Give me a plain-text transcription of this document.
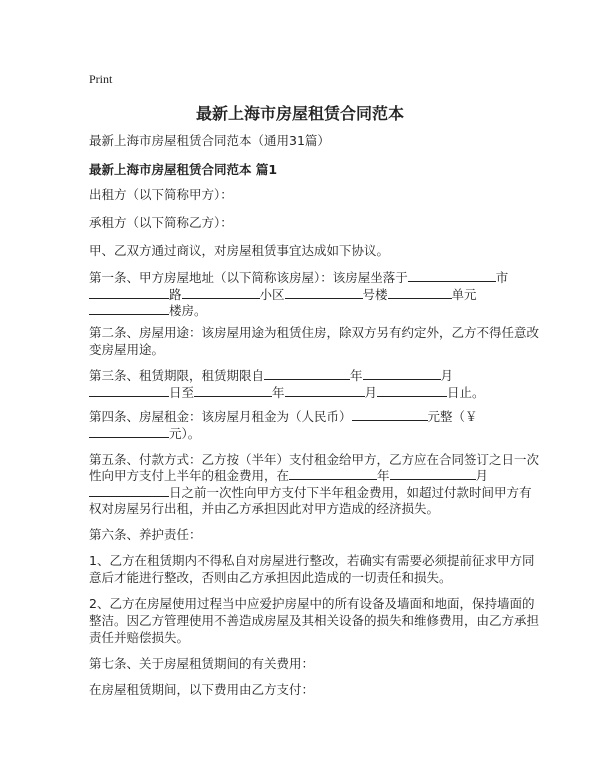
Print
最新上海市房屋租赁合同范本
最新上海市房屋租赁合同范本（通用31篇）
最新上海市房屋租赁合同范本 篇1
出租方（以下简称甲方）：
承租方（以下简称乙方）：
甲、乙双方通过商议，对房屋租赁事宜达成如下协议。
第一条、甲方房屋地址（以下简称该房屋）：该房屋坐落于	市
路	小区	号楼	单元
楼房。
第二条、房屋用途：该房屋用途为租赁住房，除双方另有约定外，乙方不得任意改
变房屋用途。
第三条、租赁期限，租赁期限自	年	月
日至	年	月	日止。
第四条、房屋租金：该房屋月租金为（人民币）	元整（￥
元）。
第五条、付款方式：乙方按（半年）支付租金给甲方，乙方应在合同签订之日一次
性向甲方支付上半年的租金费用，在	年	月
日之前一次性向甲方支付下半年租金费用，如超过付款时间甲方有
权对房屋另行出租，并由乙方承担因此对甲方造成的经济损失。
第六条、养护责任：
1、乙方在租赁期内不得私自对房屋进行整改，若确实有需要必须提前征求甲方同
意后才能进行整改，否则由乙方承担因此造成的一切责任和损失。
2、乙方在房屋使用过程当中应爱护房屋中的所有设备及墙面和地面，保持墙面的
整洁。因乙方管理使用不善造成房屋及其相关设备的损失和维修费用，由乙方承担
责任并赔偿损失。
第七条、关于房屋租赁期间的有关费用：
在房屋租赁期间，以下费用由乙方支付：
